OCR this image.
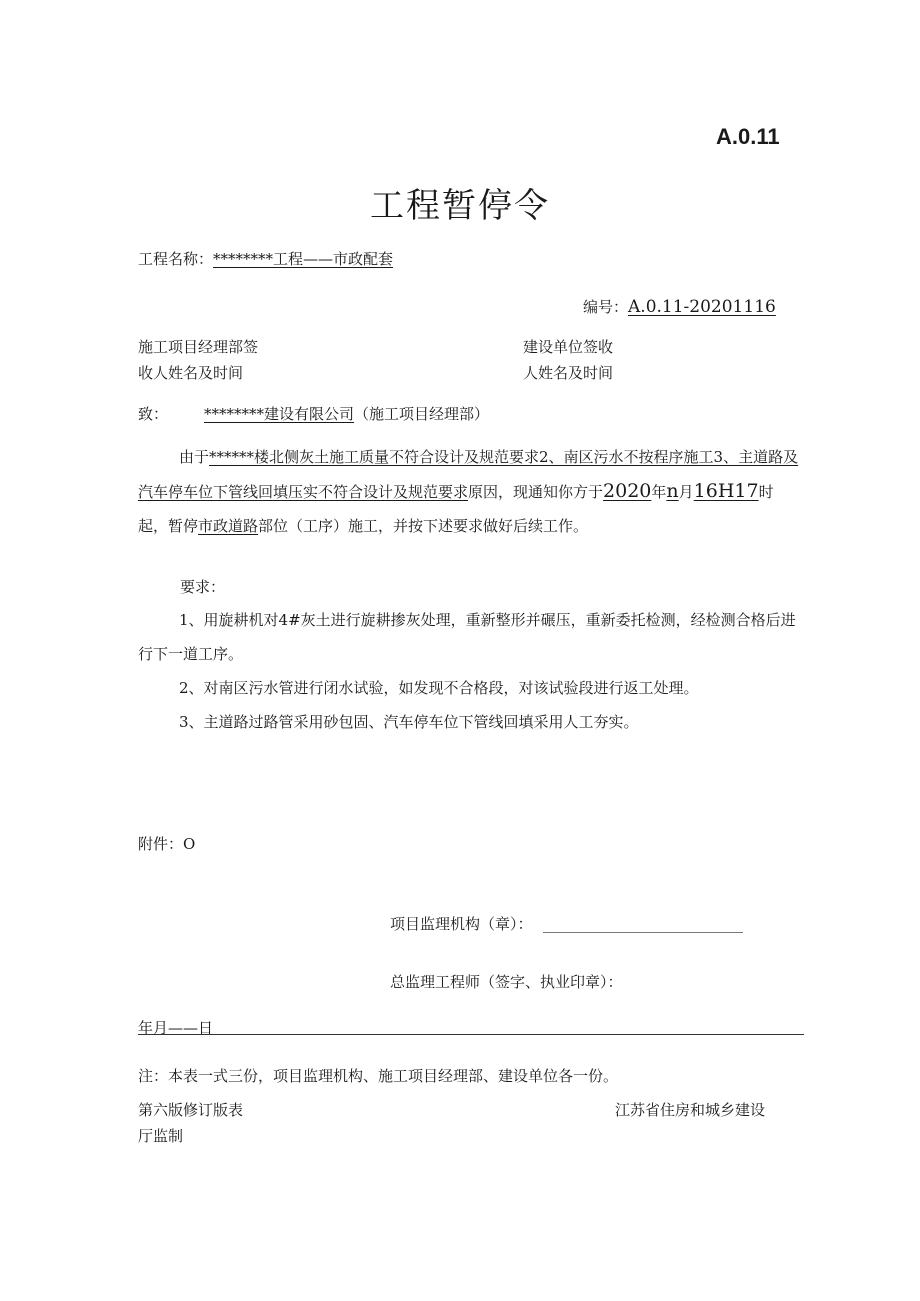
A.0.11
工程暂停令
工程名称：********工程——市政配套
编号：A.0.11-20201116
施工项目经理部签
收人姓名及时间
建设单位签收
人姓名及时间
致： ********建设有限公司（施工项目经理部）
由于******楼北侧灰土施工质量不符合设计及规范要求2、南区污水不按程序施工3、主道路及汽车停车位下管线回填压实不符合设计及规范要求原因，现通知你方于2020年n月16H17时起，暂停市政道路部位（工序）施工，并按下述要求做好后续工作。
要求：
1、用旋耕机对4#灰土进行旋耕掺灰处理，重新整形并碾压，重新委托检测，经检测合格后进行下一道工序。
2、对南区污水管进行闭水试验，如发现不合格段，对该试验段进行返工处理。
3、主道路过路管采用砂包固、汽车停车位下管线回填采用人工夯实。
附件：O
项目监理机构（章）：
总监理工程师（签字、执业印章）：
年月——日
注：本表一式三份，项目监理机构、施工项目经理部、建设单位各一份。
第六版修订版表	江苏省住房和城乡建设
厅监制
